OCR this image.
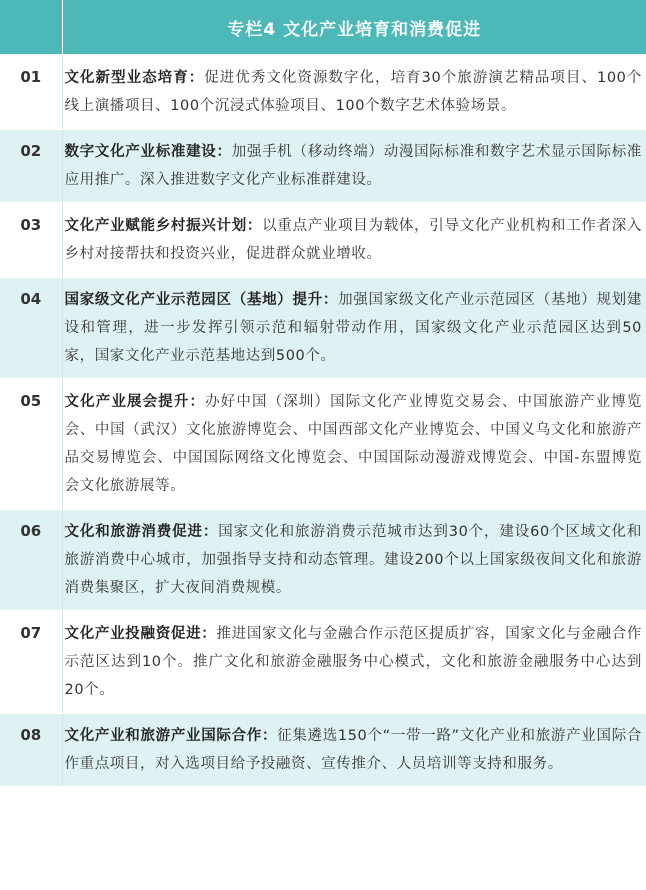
	专栏4 文化产业培育和消费促进

01	文化新型业态培育：促进优秀文化资源数字化，培育30个旅游演艺精品项目、100个线上演播项目、100个沉浸式体验项目、100个数字艺术体验场景。

02	数字文化产业标准建设：加强手机（移动终端）动漫国际标准和数字艺术显示国际标准应用推广。深入推进数字文化产业标准群建设。

03	文化产业赋能乡村振兴计划：以重点产业项目为载体，引导文化产业机构和工作者深入乡村对接帮扶和投资兴业，促进群众就业增收。

04	国家级文化产业示范园区（基地）提升：加强国家级文化产业示范园区（基地）规划建设和管理，进一步发挥引领示范和辐射带动作用，国家级文化产业示范园区达到50家，国家文化产业示范基地达到500个。

05	文化产业展会提升：办好中国（深圳）国际文化产业博览交易会、中国旅游产业博览会、中国（武汉）文化旅游博览会、中国西部文化产业博览会、中国义乌文化和旅游产品交易博览会、中国国际网络文化博览会、中国国际动漫游戏博览会、中国-东盟博览会文化旅游展等。

06	文化和旅游消费促进：国家文化和旅游消费示范城市达到30个，建设60个区域文化和旅游消费中心城市，加强指导支持和动态管理。建设200个以上国家级夜间文化和旅游消费集聚区，扩大夜间消费规模。

07	文化产业投融资促进：推进国家文化与金融合作示范区提质扩容，国家文化与金融合作示范区达到10个。推广文化和旅游金融服务中心模式，文化和旅游金融服务中心达到20个。

08	文化产业和旅游产业国际合作：征集遴选150个“一带一路”文化产业和旅游产业国际合作重点项目，对入选项目给予投融资、宣传推介、人员培训等支持和服务。
